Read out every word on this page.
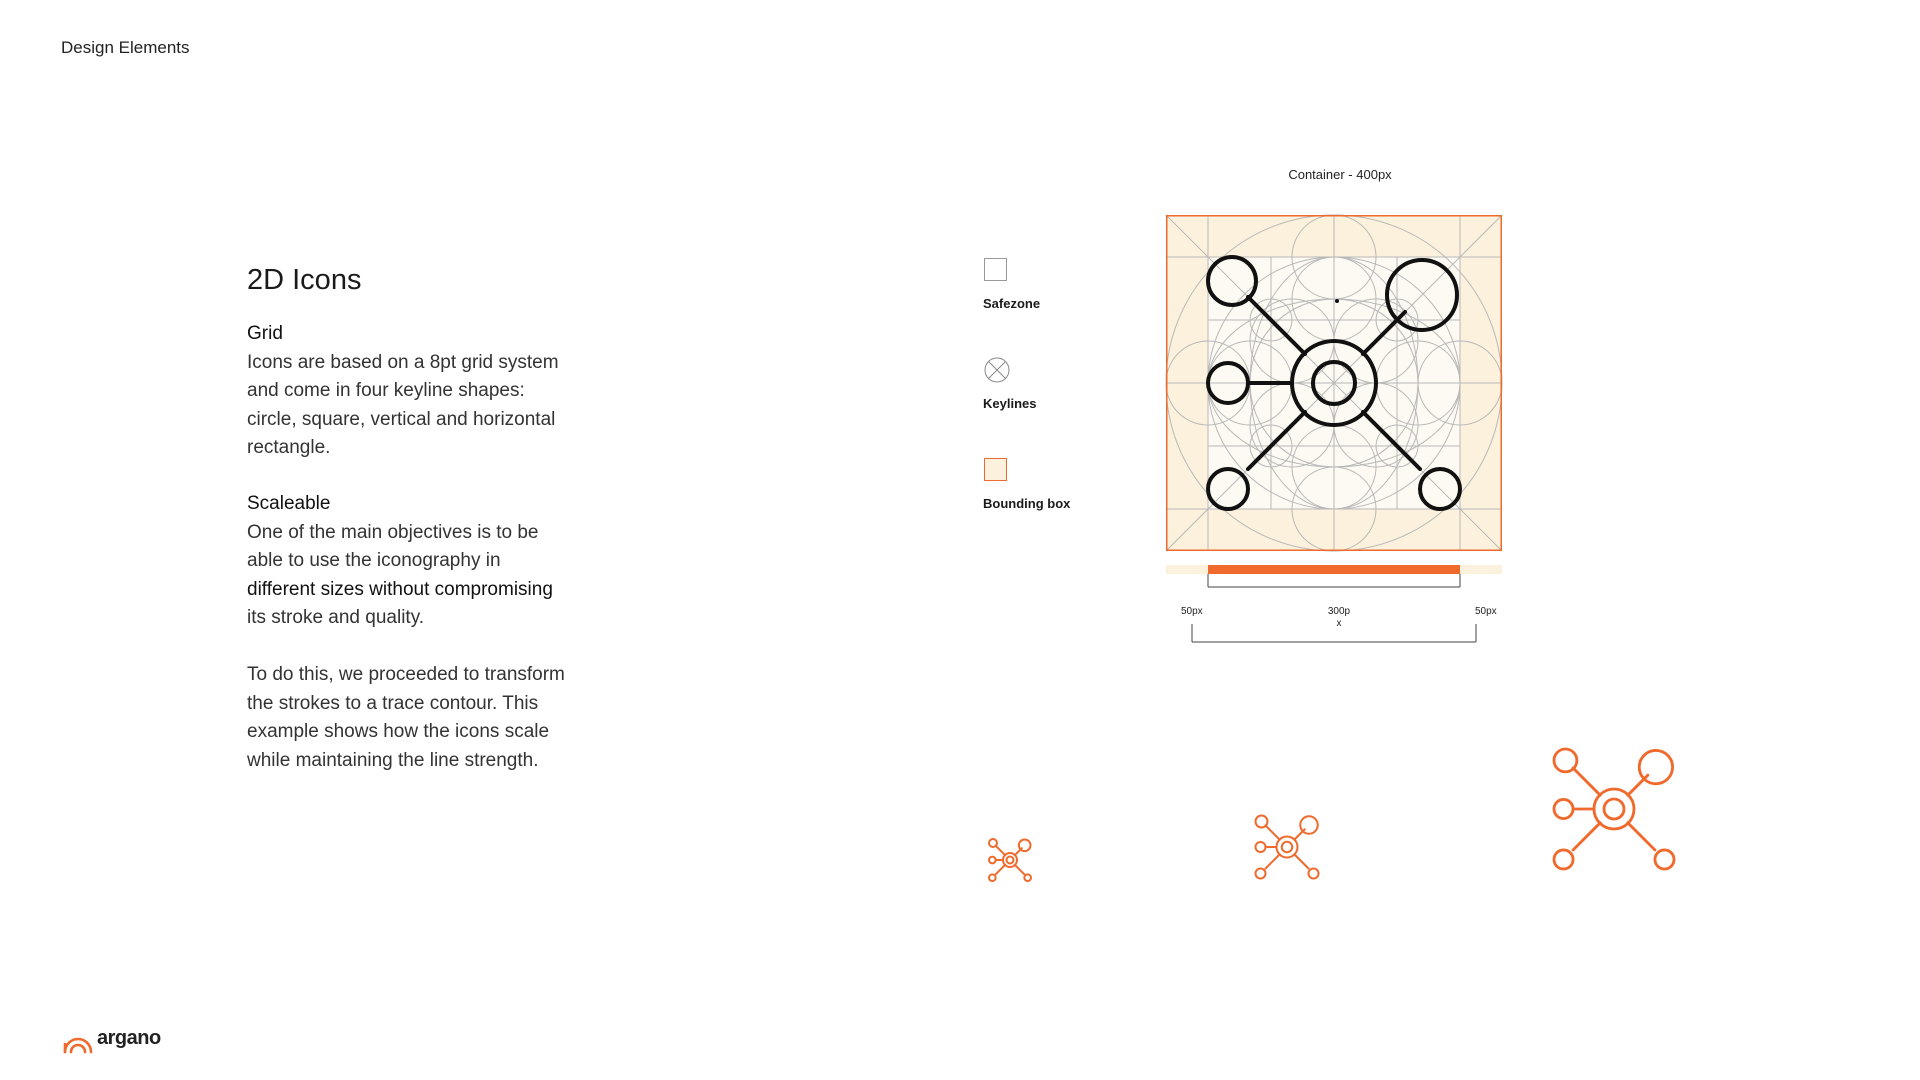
Design Elements
2D Icons
Grid
Icons are based on a 8pt grid system
and come in four keyline shapes:
circle, square, vertical and horizontal
rectangle.
Scaleable
One of the main objectives is to be
able to use the iconography in
different sizes without compromising
its stroke and quality.
To do this, we proceeded to transform
the strokes to a trace contour. This
example shows how the icons scale
while maintaining the line strength.
Container - 400px
Safezone
Keylines
Bounding box
50px	300p
x
50px
argano
